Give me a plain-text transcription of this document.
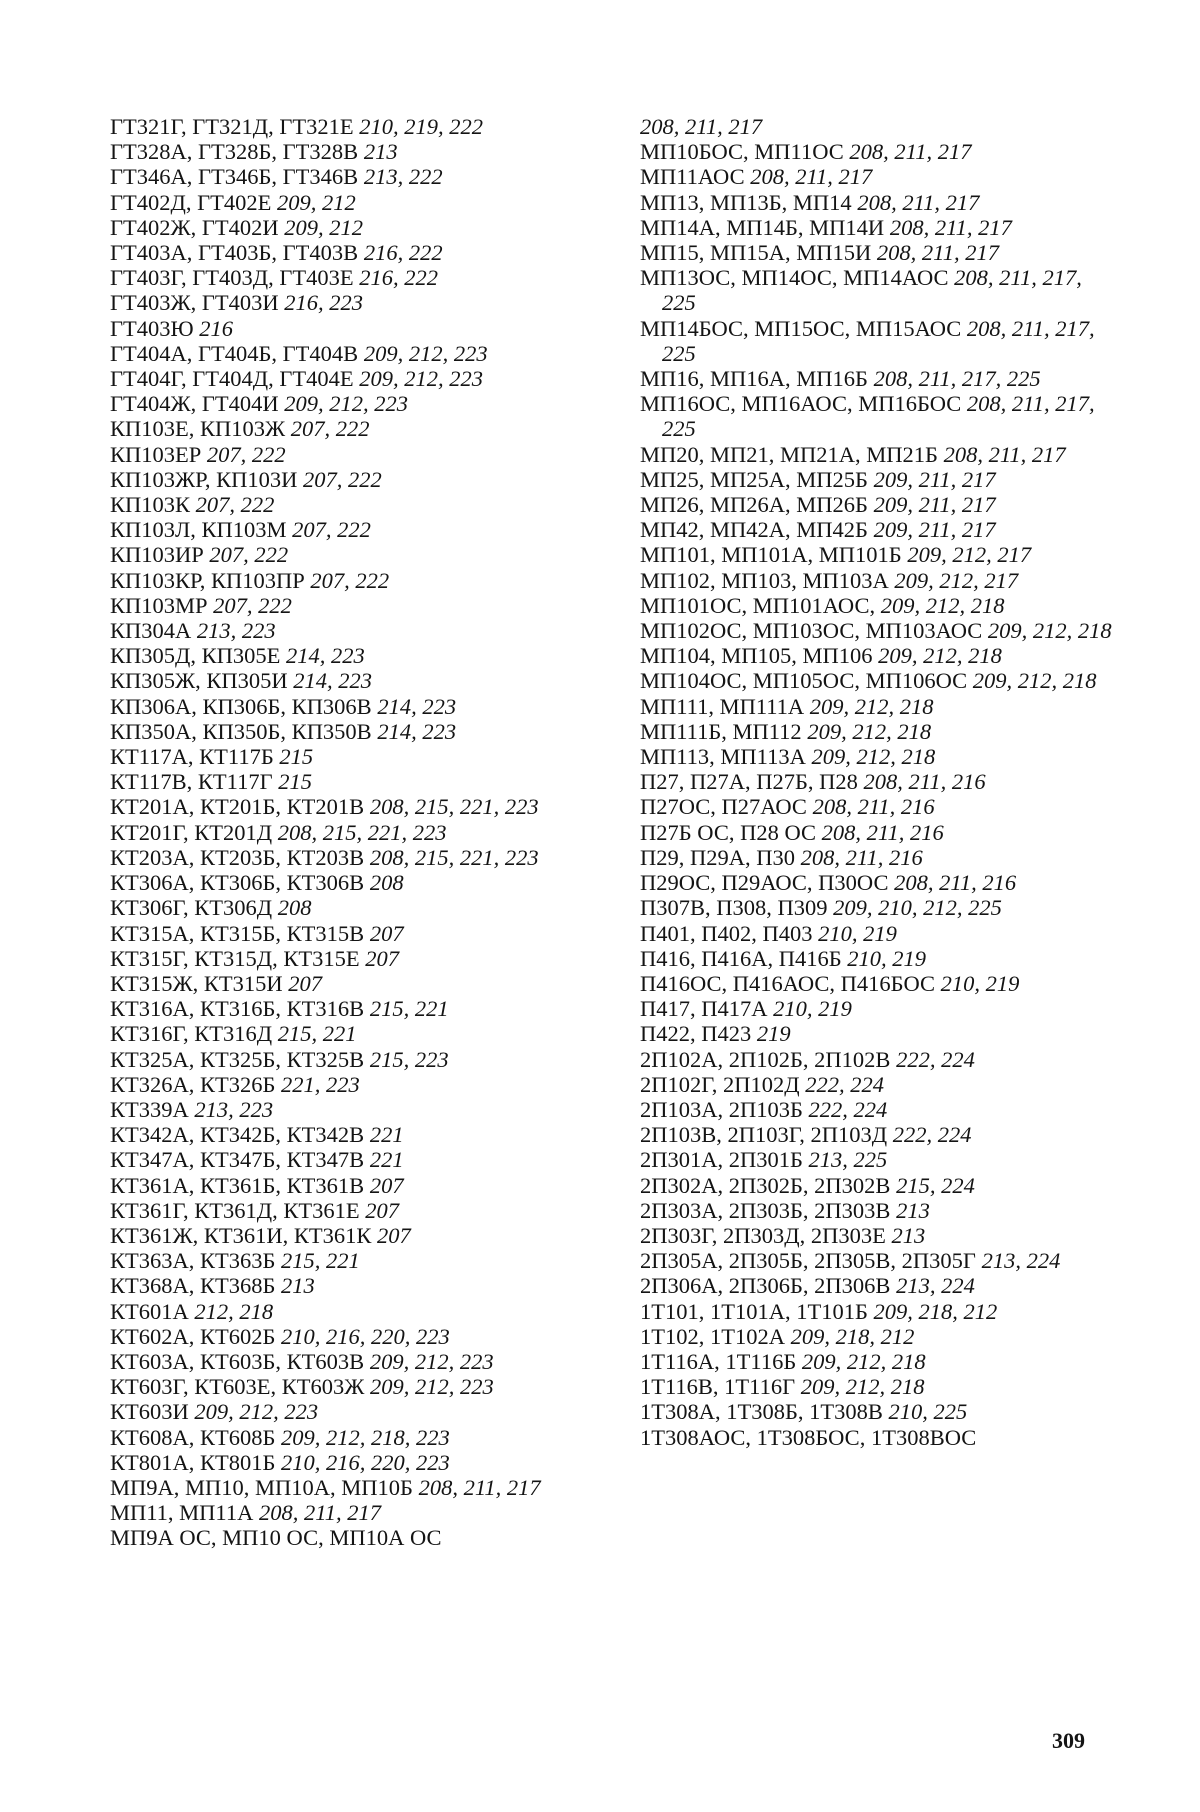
ГТ321Г, ГТ321Д, ГТ321Е 210, 219, 222
ГТ328А, ГТ328Б, ГТ328В 213
ГТ346А, ГТ346Б, ГТ346В 213, 222
ГТ402Д, ГТ402Е 209, 212
ГТ402Ж, ГТ402И 209, 212
ГТ403А, ГТ403Б, ГТ403В 216, 222
ГТ403Г, ГТ403Д, ГТ403Е 216, 222
ГТ403Ж, ГТ403И 216, 223
ГТ403Ю 216
ГТ404А, ГТ404Б, ГТ404В 209, 212, 223
ГТ404Г, ГТ404Д, ГТ404Е 209, 212, 223
ГТ404Ж, ГТ404И 209, 212, 223
КП103Е, КП103Ж 207, 222
КП103ЕР 207, 222
КП103ЖР, КП103И 207, 222
КП103К 207, 222
КП103Л, КП103М 207, 222
КП103ИР 207, 222
КП103КР, КП103ПР 207, 222
КП103МР 207, 222
КП304А 213, 223
КП305Д, КП305Е 214, 223
КП305Ж, КП305И 214, 223
КП306А, КП306Б, КП306В 214, 223
КП350А, КП350Б, КП350В 214, 223
КТ117А, КТ117Б 215
КТ117В, КТ117Г 215
КТ201А, КТ201Б, КТ201В 208, 215, 221, 223
КТ201Г, КТ201Д 208, 215, 221, 223
КТ203А, КТ203Б, КТ203В 208, 215, 221, 223
КТ306А, КТ306Б, КТ306В 208
КТ306Г, КТ306Д 208
КТ315А, КТ315Б, КТ315В 207
КТ315Г, КТ315Д, КТ315Е 207
КТ315Ж, КТ315И 207
КТ316А, КТ316Б, КТ316В 215, 221
КТ316Г, КТ316Д 215, 221
КТ325А, КТ325Б, КТ325В 215, 223
КТ326А, КТ326Б 221, 223
КТ339А 213, 223
КТ342А, КТ342Б, КТ342В 221
КТ347А, КТ347Б, КТ347В 221
КТ361А, КТ361Б, КТ361В 207
КТ361Г, КТ361Д, КТ361Е 207
КТ361Ж, КТ361И, КТ361К 207
КТ363А, КТ363Б 215, 221
КТ368А, КТ368Б 213
КТ601А 212, 218
КТ602А, КТ602Б 210, 216, 220, 223
КТ603А, КТ603Б, КТ603В 209, 212, 223
КТ603Г, КТ603Е, КТ603Ж 209, 212, 223
КТ603И 209, 212, 223
КТ608А, КТ608Б 209, 212, 218, 223
КТ801А, КТ801Б 210, 216, 220, 223
МП9А, МП10, МП10А, МП10Б 208, 211, 217
МП11, МП11А 208, 211, 217
МП9А ОС, МП10 ОС, МП10А ОС
208, 211, 217
МП10БОС, МП11ОС 208, 211, 217
МП11АОС 208, 211, 217
МП13, МП13Б, МП14 208, 211, 217
МП14А, МП14Б, МП14И 208, 211, 217
МП15, МП15А, МП15И 208, 211, 217
МП13ОС, МП14ОС, МП14АОС 208, 211, 217, 225
МП14БОС, МП15ОС, МП15АОС 208, 211, 217, 225
МП16, МП16А, МП16Б 208, 211, 217, 225
МП16ОС, МП16АОС, МП16БОС 208, 211, 217, 225
МП20, МП21, МП21А, МП21Б 208, 211, 217
МП25, МП25А, МП25Б 209, 211, 217
МП26, МП26А, МП26Б 209, 211, 217
МП42, МП42А, МП42Б 209, 211, 217
МП101, МП101А, МП101Б 209, 212, 217
МП102, МП103, МП103А 209, 212, 217
МП101ОС, МП101АОС, 209, 212, 218
МП102ОС, МП103ОС, МП103АОС 209, 212, 218
МП104, МП105, МП106 209, 212, 218
МП104ОС, МП105ОС, МП106ОС 209, 212, 218
МП111, МП111А 209, 212, 218
МП111Б, МП112 209, 212, 218
МП113, МП113А 209, 212, 218
П27, П27А, П27Б, П28 208, 211, 216
П27ОС, П27АОС 208, 211, 216
П27Б ОС, П28 ОС 208, 211, 216
П29, П29А, П30 208, 211, 216
П29ОС, П29АОС, П30ОС 208, 211, 216
П307В, П308, П309 209, 210, 212, 225
П401, П402, П403 210, 219
П416, П416А, П416Б 210, 219
П416ОС, П416АОС, П416БОС 210, 219
П417, П417А 210, 219
П422, П423 219
2П102А, 2П102Б, 2П102В 222, 224
2П102Г, 2П102Д 222, 224
2П103А, 2П103Б 222, 224
2П103В, 2П103Г, 2П103Д 222, 224
2П301А, 2П301Б 213, 225
2П302А, 2П302Б, 2П302В 215, 224
2П303А, 2П303Б, 2П303В 213
2П303Г, 2П303Д, 2П303Е 213
2П305А, 2П305Б, 2П305В, 2П305Г 213, 224
2П306А, 2П306Б, 2П306В 213, 224
1Т101, 1Т101А, 1Т101Б 209, 218, 212
1Т102, 1Т102А 209, 218, 212
1Т116А, 1Т116Б 209, 212, 218
1Т116В, 1Т116Г 209, 212, 218
1Т308А, 1Т308Б, 1Т308В 210, 225
1Т308АОС, 1Т308БОС, 1Т308ВОС
309
